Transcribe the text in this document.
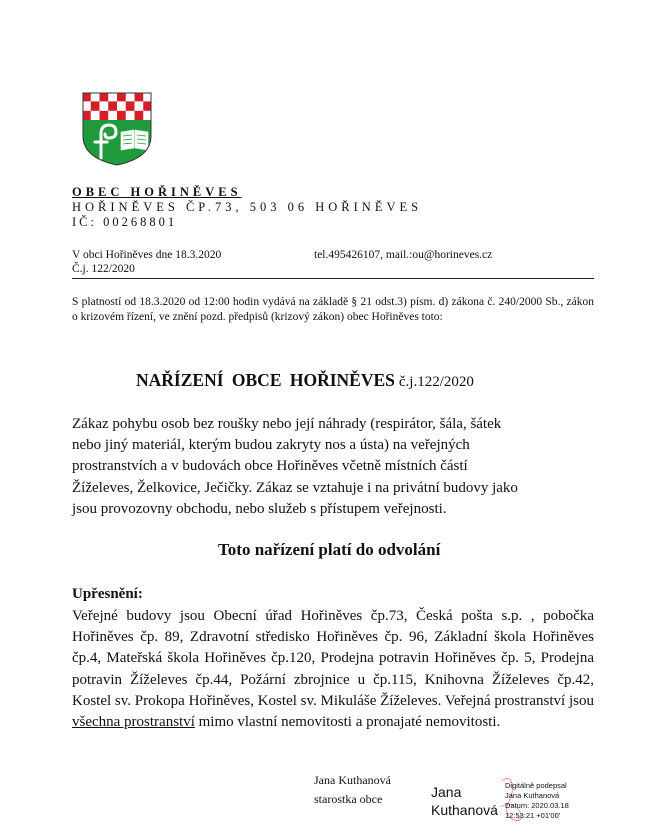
OBEC HOŘINĚVES
HOŘINĚVES ČP.73, 503 06 HOŘINĚVES
IČ: 00268801
V obci Hořiněves dne 18.3.2020
Č.j. 122/2020
tel.495426107, mail.:ou@horineves.cz
S platností od 18.3.2020 od 12:00 hodin vydává na základě § 21 odst.3) písm. d) zákona č. 240/2000 Sb., zákon o krizovém řízení, ve znění pozd. předpisů (krizový zákon) obec Hořiněves toto:
NAŘÍZENÍ OBCE HOŘINĚVES č.j.122/2020
Zákaz pohybu osob bez roušky nebo její náhrady (respirátor, šála, šátek nebo jiný materiál, kterým budou zakryty nos a ústa) na veřejných prostranstvích a v budovách obce Hořiněves včetně místních částí Žíželeves, Želkovice, Ječičky. Zákaz se vztahuje i na privátní budovy jako jsou provozovny obchodu, nebo služeb s přístupem veřejnosti.
Toto nařízení platí do odvolání
Upřesnění:
Veřejné budovy jsou Obecní úřad Hořiněves čp.73, Česká pošta s.p. , pobočka Hořiněves čp. 89, Zdravotní středisko Hořiněves čp. 96, Základní škola Hořiněves čp.4, Mateřská škola Hořiněves čp.120, Prodejna potravin Hořiněves čp. 5, Prodejna potravin Žíželeves čp.44, Požární zbrojnice u čp.115, Knihovna Žíželeves čp.42, Kostel sv. Prokopa Hořiněves, Kostel sv. Mikuláše Žíželeves. Veřejná prostranství jsou všechna prostranství mimo vlastní nemovitosti a pronajaté nemovitosti.
Jana Kuthanová
starostka obce	Jana
Kuthanová
Digitálně podepsal
Jana Kuthanová
Datum: 2020.03.18
12:53:21 +01'00'
